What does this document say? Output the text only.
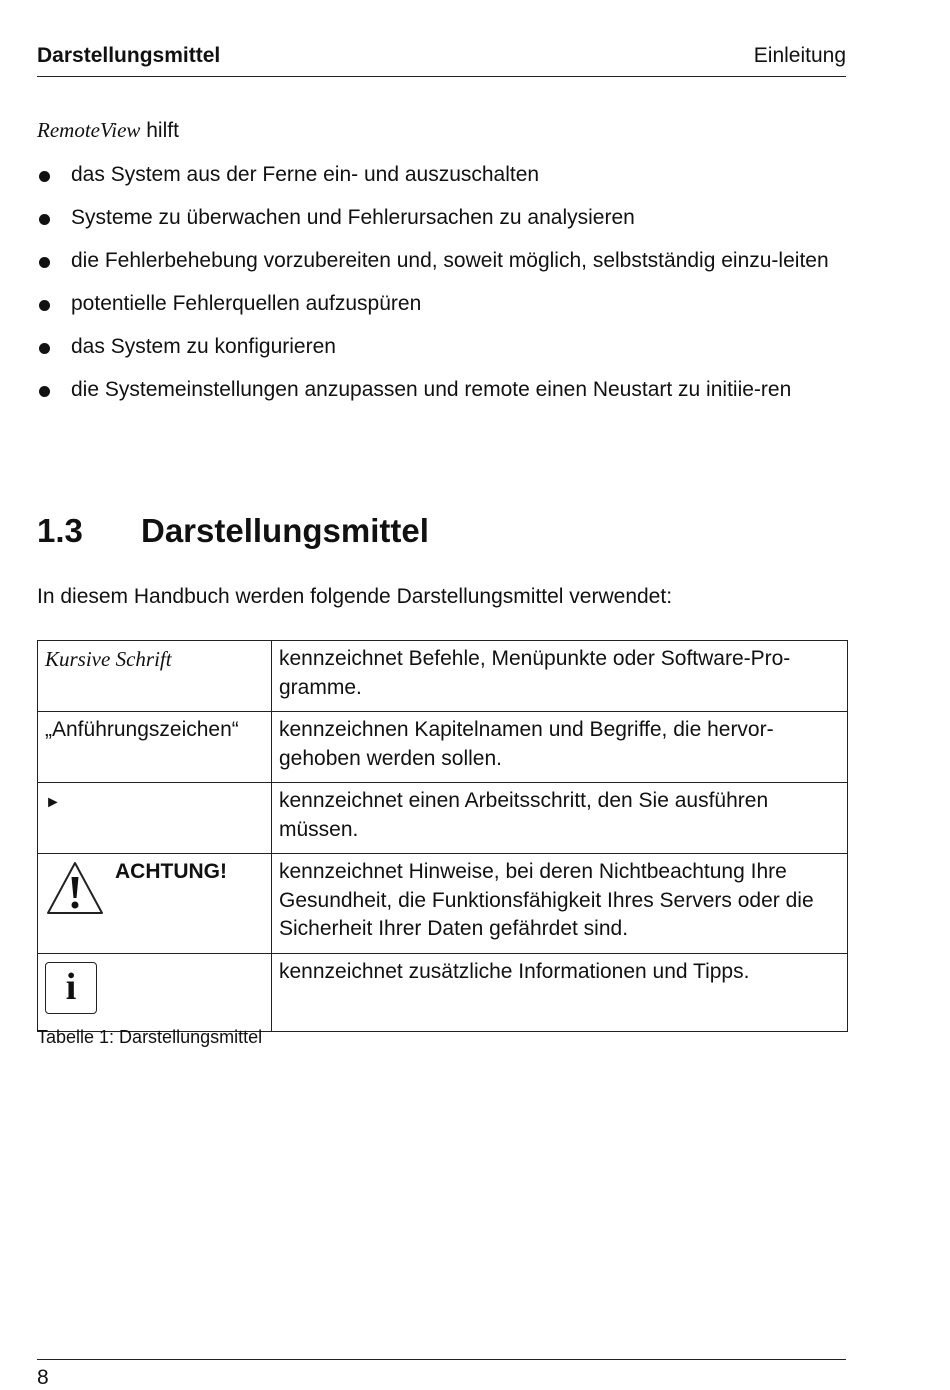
Darstellungsmittel	Einleitung
RemoteView hilft
das System aus der Ferne ein- und auszuschalten
Systeme zu überwachen und Fehlerursachen zu analysieren
die Fehlerbehebung vorzubereiten und, soweit möglich, selbstständig einzu-leiten
potentielle Fehlerquellen aufzuspüren
das System zu konfigurieren
die Systemeinstellungen anzupassen und remote einen Neustart zu initiie-ren
1.3 Darstellungsmittel
In diesem Handbuch werden folgende Darstellungsmittel verwendet:
Kursive Schrift	kennzeichnet Befehle, Menüpunkte oder Software-Pro-gramme.
„Anführungszeichen“	kennzeichnen Kapitelnamen und Begriffe, die hervor-gehoben werden sollen.
►	kennzeichnet einen Arbeitsschritt, den Sie ausführen müssen.

ACHTUNG!	kennzeichnet Hinweise, bei deren Nichtbeachtung Ihre Gesundheit, die Funktionsfähigkeit Ihres Servers oder die Sicherheit Ihrer Daten gefährdet sind.

i	kennzeichnet zusätzliche Informationen und Tipps.
Tabelle 1: Darstellungsmittel
8
